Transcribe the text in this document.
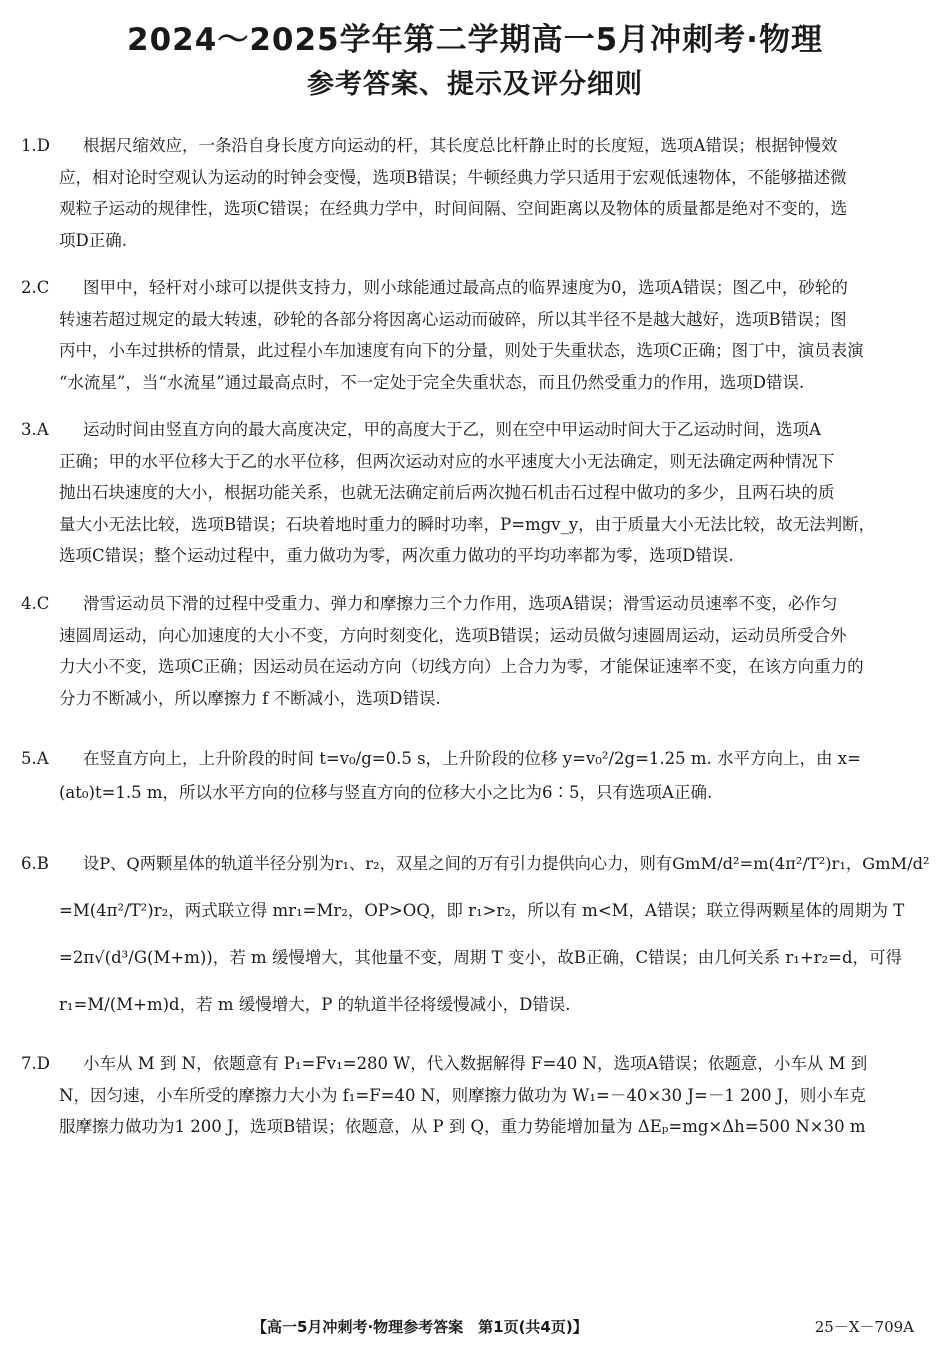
2024～2025学年第二学期高一5月冲刺考·物理
参考答案、提示及评分细则
1.D	根据尺缩效应，一条沿自身长度方向运动的杆，其长度总比杆静止时的长度短，选项A错误；根据钟慢效
应，相对论时空观认为运动的时钟会变慢，选项B错误；牛顿经典力学只适用于宏观低速物体，不能够描述微
观粒子运动的规律性，选项C错误；在经典力学中，时间间隔、空间距离以及物体的质量都是绝对不变的，选
项D正确.
2.C	图甲中，轻杆对小球可以提供支持力，则小球能通过最高点的临界速度为0，选项A错误；图乙中，砂轮的
转速若超过规定的最大转速，砂轮的各部分将因离心运动而破碎，所以其半径不是越大越好，选项B错误；图
丙中，小车过拱桥的情景，此过程小车加速度有向下的分量，则处于失重状态，选项C正确；图丁中，演员表演
“水流星”，当“水流星”通过最高点时，不一定处于完全失重状态，而且仍然受重力的作用，选项D错误.
3.A	运动时间由竖直方向的最大高度决定，甲的高度大于乙，则在空中甲运动时间大于乙运动时间，选项A
正确；甲的水平位移大于乙的水平位移，但两次运动对应的水平速度大小无法确定，则无法确定两种情况下
抛出石块速度的大小，根据功能关系，也就无法确定前后两次抛石机击石过程中做功的多少，且两石块的质
量大小无法比较，选项B错误；石块着地时重力的瞬时功率，P=mgv_y，由于质量大小无法比较，故无法判断，
选项C错误；整个运动过程中，重力做功为零，两次重力做功的平均功率都为零，选项D错误.
4.C	滑雪运动员下滑的过程中受重力、弹力和摩擦力三个力作用，选项A错误；滑雪运动员速率不变，必作匀
速圆周运动，向心加速度的大小不变，方向时刻变化，选项B错误；运动员做匀速圆周运动，运动员所受合外
力大小不变，选项C正确；因运动员在运动方向（切线方向）上合力为零，才能保证速率不变，在该方向重力的
分力不断减小，所以摩擦力 f 不断减小，选项D错误.
5.A	在竖直方向上，上升阶段的时间 t=v₀/g=0.5 s，上升阶段的位移 y=v₀²/2g=1.25 m. 水平方向上，由 x=
(at₀)t=1.5 m，所以水平方向的位移与竖直方向的位移大小之比为6∶5，只有选项A正确.
6.B	设P、Q两颗星体的轨道半径分别为r₁、r₂，双星之间的万有引力提供向心力，则有GmM/d²=m(4π²/T²)r₁，GmM/d²
=M(4π²/T²)r₂，两式联立得 mr₁=Mr₂，OP>OQ，即 r₁>r₂，所以有 m<M，A错误；联立得两颗星体的周期为 T
=2π√(d³/G(M+m))，若 m 缓慢增大，其他量不变，周期 T 变小，故B正确，C错误；由几何关系 r₁+r₂=d，可得
r₁=M/(M+m)d，若 m 缓慢增大，P 的轨道半径将缓慢减小，D错误.
7.D	小车从 M 到 N，依题意有 P₁=Fv₁=280 W，代入数据解得 F=40 N，选项A错误；依题意，小车从 M 到
N，因匀速，小车所受的摩擦力大小为 f₁=F=40 N，则摩擦力做功为 W₁=－40×30 J=－1 200 J，则小车克
服摩擦力做功为1 200 J，选项B错误；依题意，从 P 到 Q，重力势能增加量为 ΔEₚ=mg×Δh=500 N×30 m
【高一5月冲刺考·物理参考答案　第1页(共4页)】	25－X－709A
